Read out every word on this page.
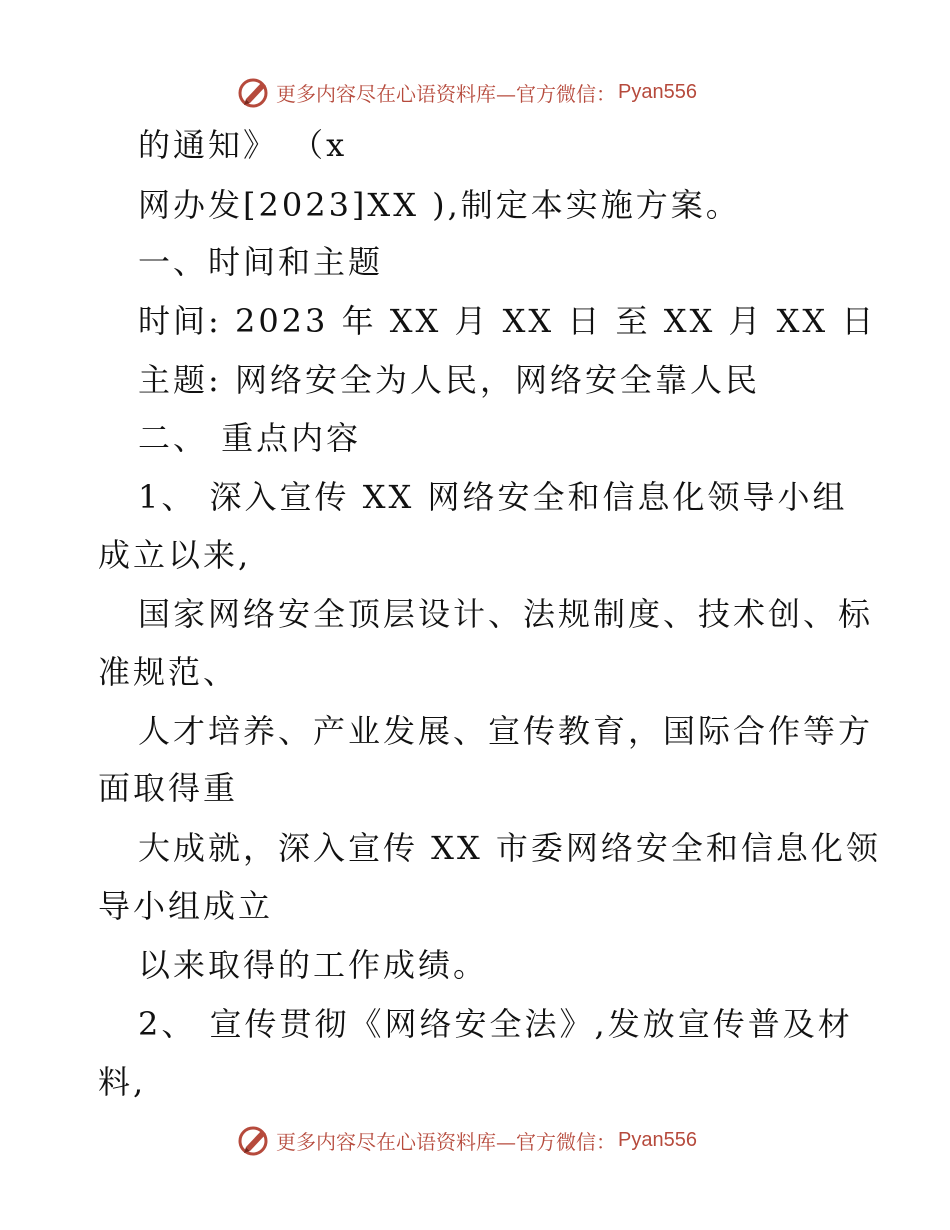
更多内容尽在心语资料库—官方微信： Pyan556
的通知》 （x
网办发[2023]XX ),制定本实施方案。
一、时间和主题
时间: 2023 年 XX 月 XX 日 至 XX 月 XX 日
主题: 网络安全为人民，网络安全靠人民
二、 重点内容
1、 深入宣传 XX 网络安全和信息化领导小组
成立以来,
国家网络安全顶层设计、法规制度、技术创、标
准规范、
人才培养、产业发展、宣传教育，国际合作等方
面取得重
大成就，深入宣传 XX 市委网络安全和信息化领
导小组成立
以来取得的工作成绩。
2、 宣传贯彻《网络安全法》,发放宣传普及材
料,
更多内容尽在心语资料库—官方微信： Pyan556
